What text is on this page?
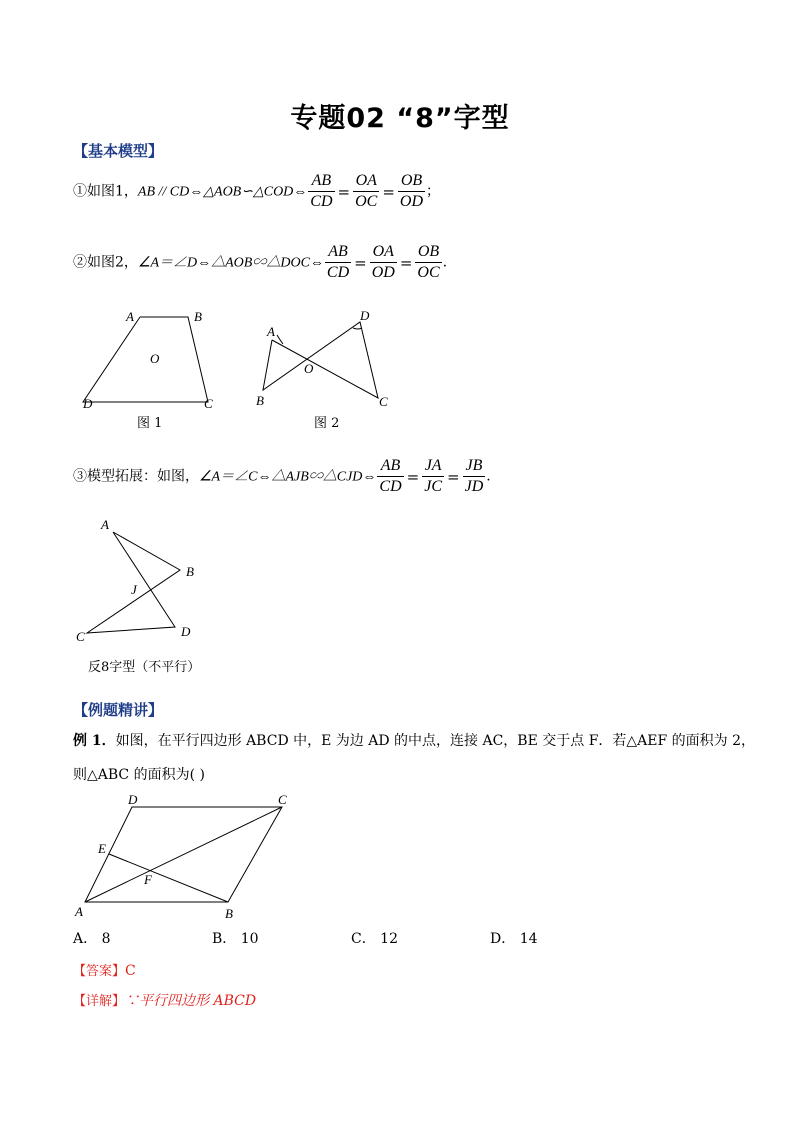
专题02 “8”字型
【基本模型】
①如图1，AB // CD⇔△AOB∽△COD⇔ $\frac{AB}{CD} = \frac{OA}{OC} = \frac{OB}{OD}$ ；
②如图2，∠A＝∠D⇔△AOB∽△DOC⇔ $\frac{AB}{CD} = \frac{OA}{OD} = \frac{OB}{OC}$ .
A	B
O
D	C
图 1
A
D
O
B	C
图 2
③模型拓展：如图，∠A＝∠C⇔△AJB∽△CJD⇔ $\frac{AB}{CD} = \frac{JA}{JC} = \frac{JB}{JD}$ .
A
B
J
C	D
反8字型（不平行）
【例题精讲】
例 1．如图，在平行四边形 ABCD 中，E 为边 AD 的中点，连接 AC，BE 交于点 F．若△AEF 的面积为 2，
则△ABC 的面积为( )
A	B
C
D
E
F
A． 8	B． 10	C． 12	D． 14
【答案】C
【详解】∵平行四边形 ABCD
